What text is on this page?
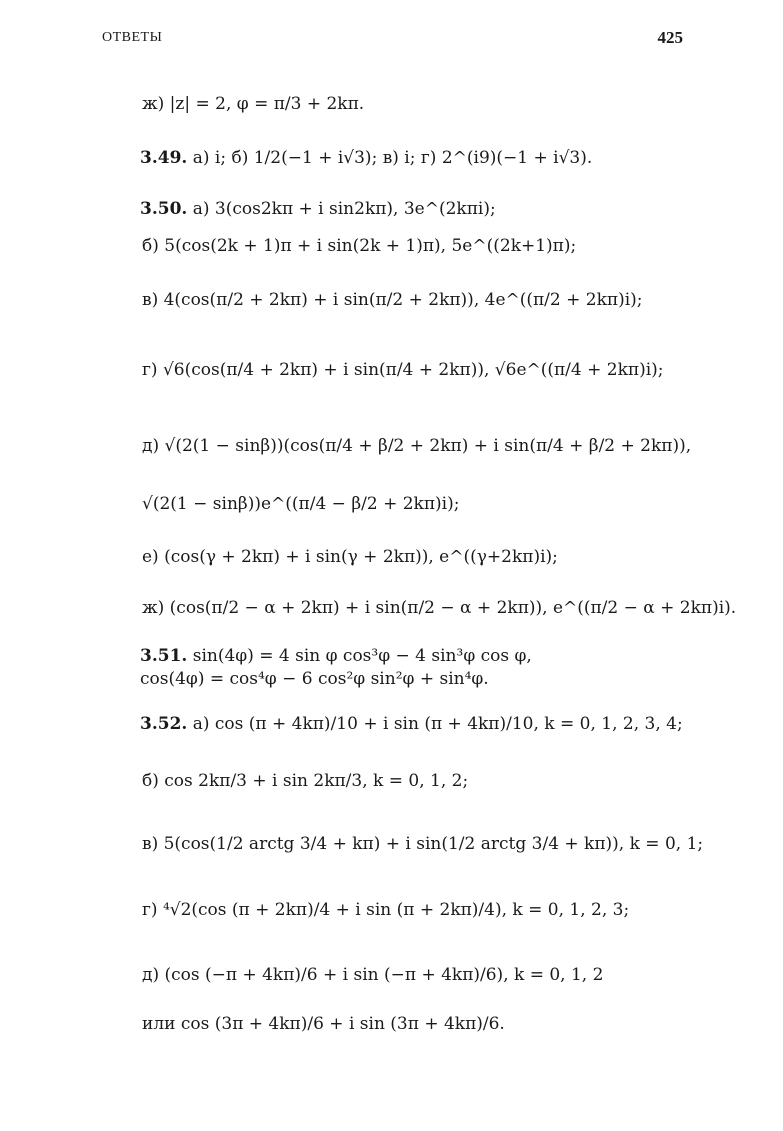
ОТВЕТЫ	425
ж) |z| = 2, φ = π/3 + 2kπ.
3.49. а) i; б) 1/2(−1 + i√3); в) i; г) 2^(i9)(−1 + i√3).
3.50. а) 3(cos2kπ + i sin2kπ), 3e^(2kπi);
б) 5(cos(2k + 1)π + i sin(2k + 1)π), 5e^((2k+1)π);
в) 4(cos(π/2 + 2kπ) + i sin(π/2 + 2kπ)), 4e^((π/2 + 2kπ)i);
г) √6(cos(π/4 + 2kπ) + i sin(π/4 + 2kπ)), √6e^((π/4 + 2kπ)i);
д) √(2(1 − sinβ))(cos(π/4 + β/2 + 2kπ) + i sin(π/4 + β/2 + 2kπ)),
√(2(1 − sinβ))e^((π/4 − β/2 + 2kπ)i);
е) (cos(γ + 2kπ) + i sin(γ + 2kπ)), e^((γ+2kπ)i);
ж) (cos(π/2 − α + 2kπ) + i sin(π/2 − α + 2kπ)), e^((π/2 − α + 2kπ)i).
3.51. sin(4φ) = 4 sin φ cos³φ − 4 sin³φ cos φ,
cos(4φ) = cos⁴φ − 6 cos²φ sin²φ + sin⁴φ.
3.52. а) cos (π + 4kπ)/10 + i sin (π + 4kπ)/10, k = 0, 1, 2, 3, 4;
б) cos 2kπ/3 + i sin 2kπ/3, k = 0, 1, 2;
в) 5(cos(1/2 arctg 3/4 + kπ) + i sin(1/2 arctg 3/4 + kπ)), k = 0, 1;
г) ⁴√2(cos (π + 2kπ)/4 + i sin (π + 2kπ)/4), k = 0, 1, 2, 3;
д) (cos (−π + 4kπ)/6 + i sin (−π + 4kπ)/6), k = 0, 1, 2
или cos (3π + 4kπ)/6 + i sin (3π + 4kπ)/6.
